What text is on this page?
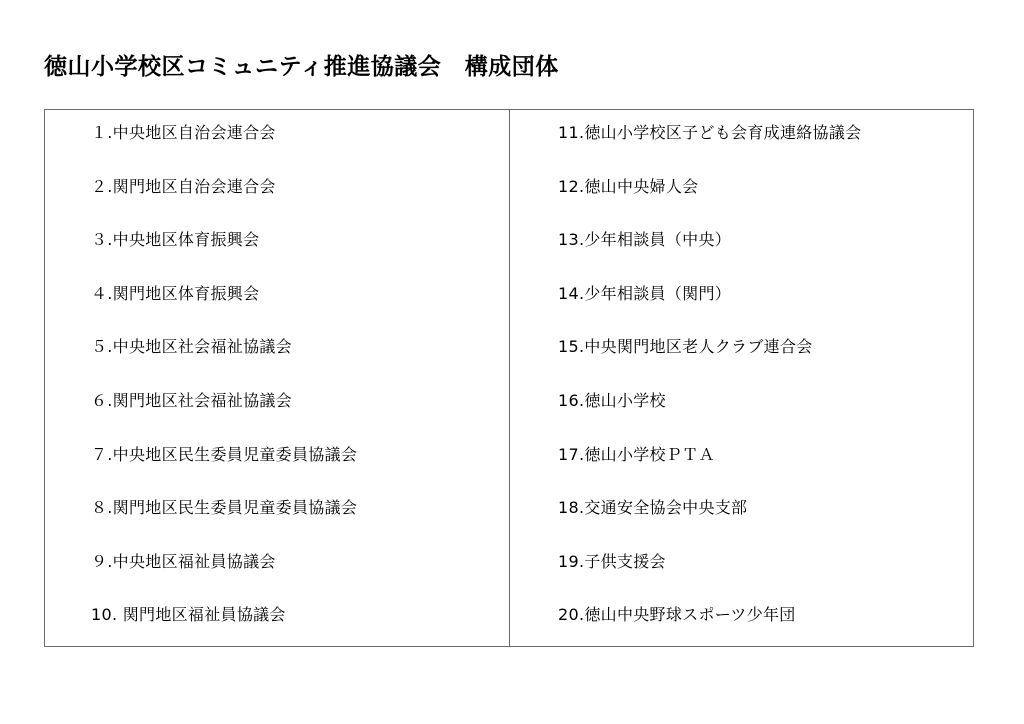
徳山小学校区コミュニティ推進協議会　構成団体
１.中央地区自治会連合会
２.関門地区自治会連合会
３.中央地区体育振興会
４.関門地区体育振興会
５.中央地区社会福祉協議会
６.関門地区社会福祉協議会
７.中央地区民生委員児童委員協議会
８.関門地区民生委員児童委員協議会
９.中央地区福祉員協議会
10. 関門地区福祉員協議会
11.徳山小学校区子ども会育成連絡協議会
12.徳山中央婦人会
13.少年相談員（中央）
14.少年相談員（関門）
15.中央関門地区老人クラブ連合会
16.徳山小学校
17.徳山小学校ＰＴＡ
18.交通安全協会中央支部
19.子供支援会
20.徳山中央野球スポーツ少年団
